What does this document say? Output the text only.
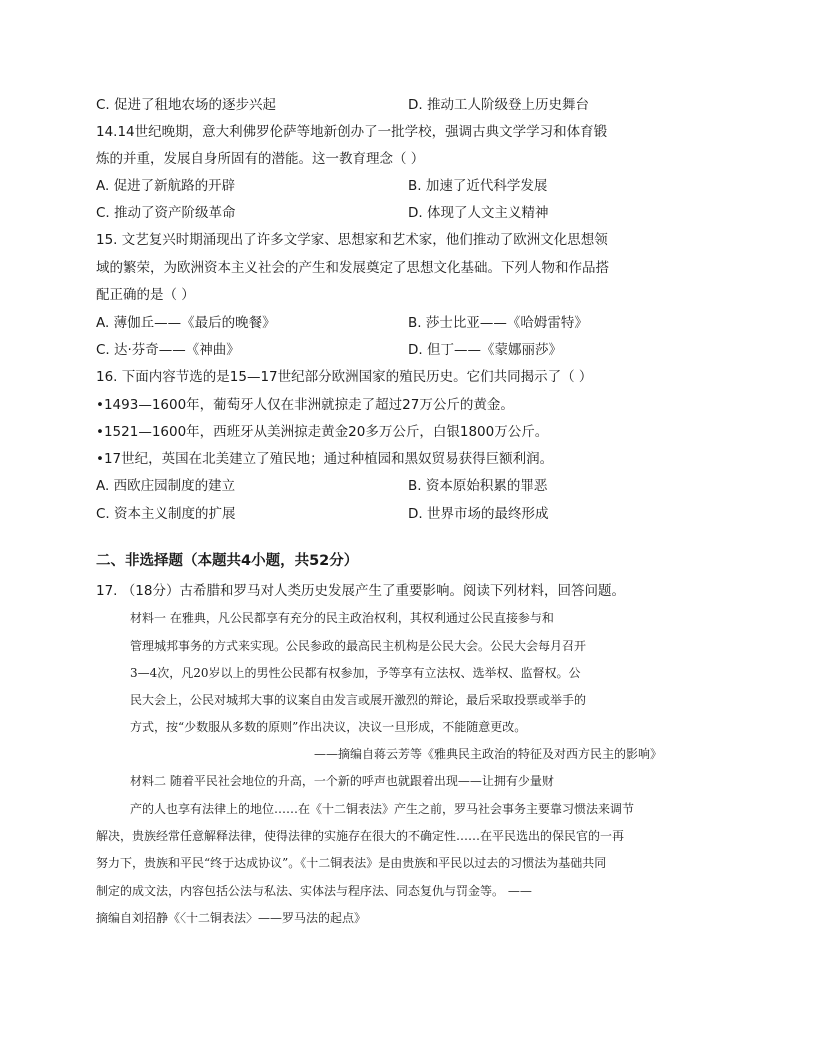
C. 促进了租地农场的逐步兴起	D. 推动工人阶级登上历史舞台
14.14世纪晚期，意大利佛罗伦萨等地新创办了一批学校，强调古典文学学习和体育锻
炼的并重，发展自身所固有的潜能。这一教育理念（ ）
A. 促进了新航路的开辟	B. 加速了近代科学发展
C. 推动了资产阶级革命	D. 体现了人文主义精神
15. 文艺复兴时期涌现出了许多文学家、思想家和艺术家，他们推动了欧洲文化思想领
域的繁荣，为欧洲资本主义社会的产生和发展奠定了思想文化基础。下列人物和作品搭
配正确的是（ ）
A. 薄伽丘——《最后的晚餐》	B. 莎士比亚——《哈姆雷特》
C. 达·芬奇——《神曲》	D. 但丁——《蒙娜丽莎》
16. 下面内容节选的是15—17世纪部分欧洲国家的殖民历史。它们共同揭示了（ ）
•1493—1600年，葡萄牙人仅在非洲就掠走了超过27万公斤的黄金。
•1521—1600年，西班牙从美洲掠走黄金20多万公斤，白银1800万公斤。
•17世纪，英国在北美建立了殖民地；通过种植园和黑奴贸易获得巨额利润。
A. 西欧庄园制度的建立	B. 资本原始积累的罪恶
C. 资本主义制度的扩展	D. 世界市场的最终形成
二、非选择题（本题共4小题，共52分）
17. （18分）古希腊和罗马对人类历史发展产生了重要影响。阅读下列材料，回答问题。
材料一 在雅典，凡公民都享有充分的民主政治权利，其权利通过公民直接参与和
管理城邦事务的方式来实现。公民参政的最高民主机构是公民大会。公民大会每月召开
3—4次，凡20岁以上的男性公民都有权参加，予等享有立法权、选举权、监督权。公
民大会上，公民对城邦大事的议案自由发言或展开激烈的辩论，最后采取投票或举手的
方式，按“少数服从多数的原则”作出决议，决议一旦形成，不能随意更改。
——摘编自蒋云芳等《雅典民主政治的特征及对西方民主的影响》
材料二 随着平民社会地位的升高，一个新的呼声也就跟着出现——让拥有少量财
产的人也享有法律上的地位……在《十二铜表法》产生之前，罗马社会事务主要靠习惯法来调节
解决，贵族经常任意解释法律，使得法律的实施存在很大的不确定性……在平民选出的保民官的一再
努力下，贵族和平民“终于达成协议”。《十二铜表法》是由贵族和平民以过去的习惯法为基础共同
制定的成文法，内容包括公法与私法、实体法与程序法、同态复仇与罚金等。 ——
摘编自刘招静《〈十二铜表法〉——罗马法的起点》
